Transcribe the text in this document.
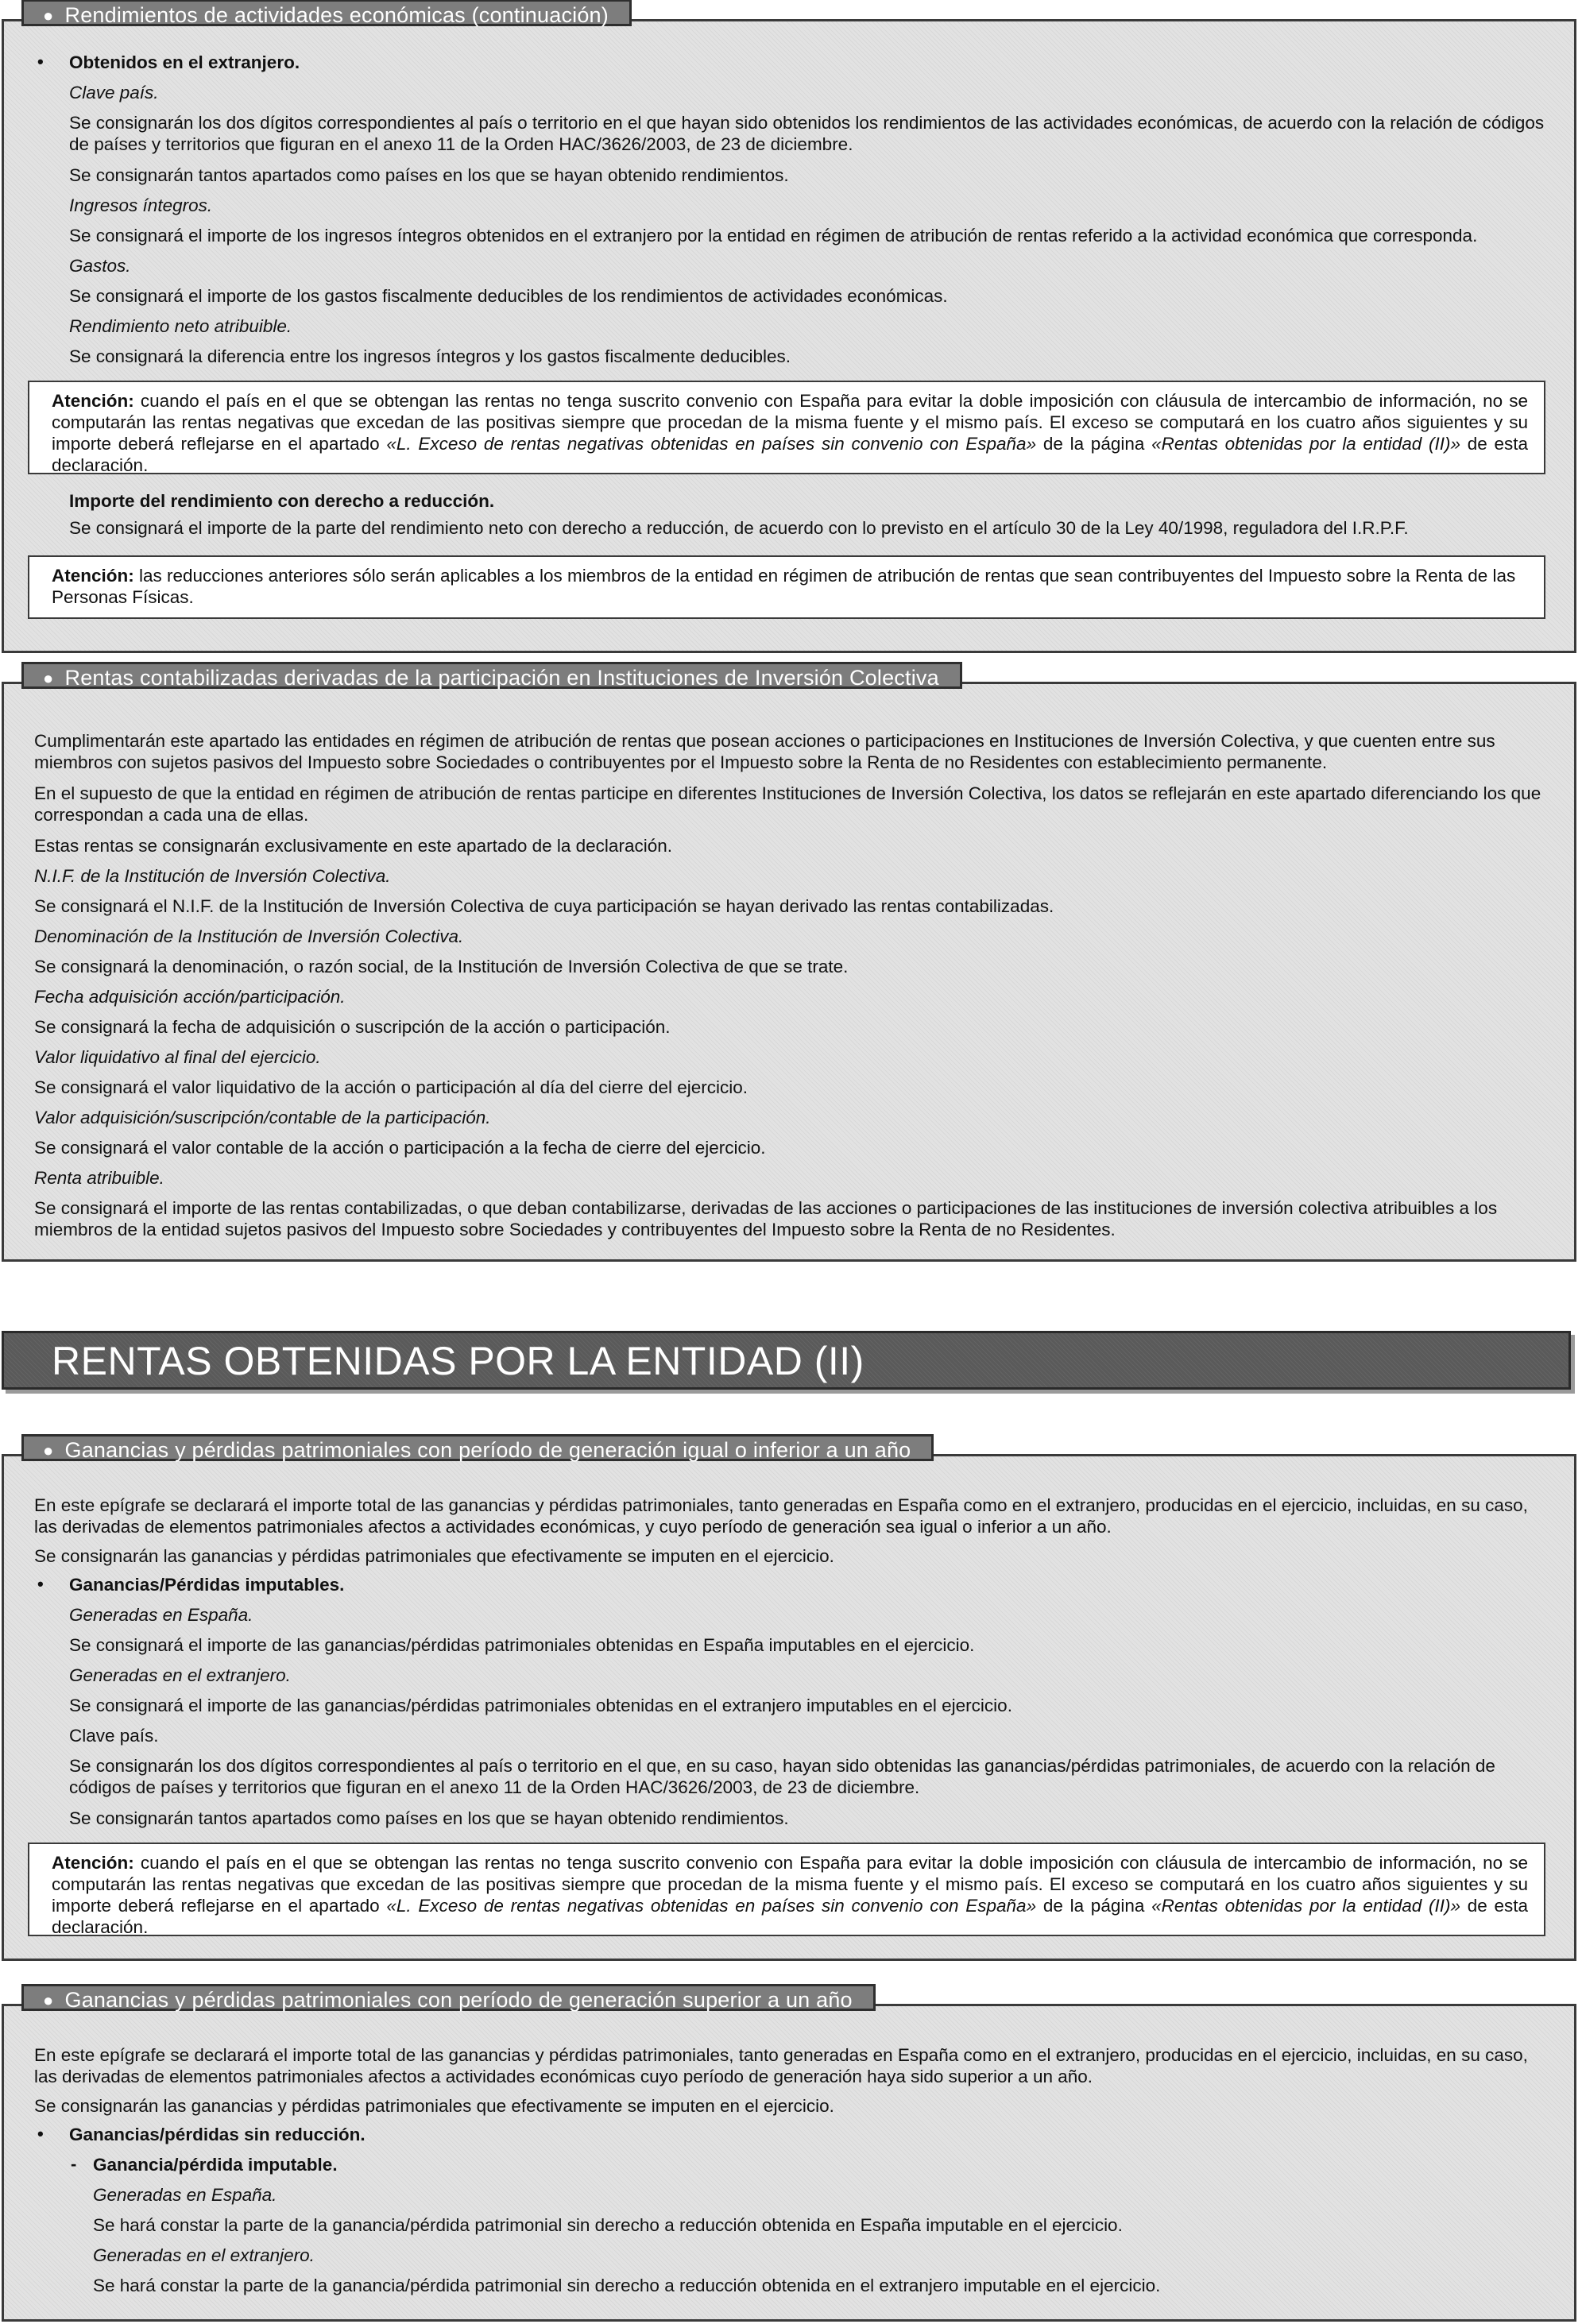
● Rendimientos de actividades económicas (continuación)
• Obtenidos en el extranjero.

Clave país.

Se consignarán los dos dígitos correspondientes al país o territorio en el que hayan sido obtenidos los rendimientos de las actividades económicas, de acuerdo con la relación de códigos de países y territorios que figuran en el anexo 11 de la Orden HAC/3626/2003, de 23 de diciembre.

Se consignarán tantos apartados como países en los que se hayan obtenido rendimientos.

Ingresos íntegros.

Se consignará el importe de los ingresos íntegros obtenidos en el extranjero por la entidad en régimen de atribución de rentas referido a la actividad económica que corresponda.

Gastos.

Se consignará el importe de los gastos fiscalmente deducibles de los rendimientos de actividades económicas.

Rendimiento neto atribuible.

Se consignará la diferencia entre los ingresos íntegros y los gastos fiscalmente deducibles.

Atención: cuando el país en el que se obtengan las rentas no tenga suscrito convenio con España para evitar la doble imposición con cláusula de intercambio de información, no se computarán las rentas negativas que excedan de las positivas siempre que procedan de la misma fuente y el mismo país. El exceso se computará en los cuatro años siguientes y su importe deberá reflejarse en el apartado «L. Exceso de rentas negativas obtenidas en países sin convenio con España» de la página «Rentas obtenidas por la entidad (II)» de esta declaración.

Importe del rendimiento con derecho a reducción.

Se consignará el importe de la parte del rendimiento neto con derecho a reducción, de acuerdo con lo previsto en el artículo 30 de la Ley 40/1998, reguladora del I.R.P.F.

Atención: las reducciones anteriores sólo serán aplicables a los miembros de la entidad en régimen de atribución de rentas que sean contribuyentes del Impuesto sobre la Renta de las Personas Físicas.
● Rentas contabilizadas derivadas de la participación en Instituciones de Inversión Colectiva

Cumplimentarán este apartado las entidades en régimen de atribución de rentas que posean acciones o participaciones en Instituciones de Inversión Colectiva, y que cuenten entre sus miembros con sujetos pasivos del Impuesto sobre Sociedades o contribuyentes por el Impuesto sobre la Renta de no Residentes con establecimiento permanente.

En el supuesto de que la entidad en régimen de atribución de rentas participe en diferentes Instituciones de Inversión Colectiva, los datos se reflejarán en este apartado diferenciando los que correspondan a cada una de ellas.

Estas rentas se consignarán exclusivamente en este apartado de la declaración.

N.I.F. de la Institución de Inversión Colectiva.

Se consignará el N.I.F. de la Institución de Inversión Colectiva de cuya participación se hayan derivado las rentas contabilizadas.

Denominación de la Institución de Inversión Colectiva.

Se consignará la denominación, o razón social, de la Institución de Inversión Colectiva de que se trate.

Fecha adquisición acción/participación.

Se consignará la fecha de adquisición o suscripción de la acción o participación.

Valor liquidativo al final del ejercicio.

Se consignará el valor liquidativo de la acción o participación al día del cierre del ejercicio.

Valor adquisición/suscripción/contable de la participación.

Se consignará el valor contable de la acción o participación a la fecha de cierre del ejercicio.

Renta atribuible.

Se consignará el importe de las rentas contabilizadas, o que deban contabilizarse, derivadas de las acciones o participaciones de las instituciones de inversión colectiva atribuibles a los miembros de la entidad sujetos pasivos del Impuesto sobre Sociedades y contribuyentes del Impuesto sobre la Renta de no Residentes.

RENTAS OBTENIDAS POR LA ENTIDAD (II)
● Ganancias y pérdidas patrimoniales con período de generación igual o inferior a un año

En este epígrafe se declarará el importe total de las ganancias y pérdidas patrimoniales, tanto generadas en España como en el extranjero, producidas en el ejercicio, incluidas, en su caso, las derivadas de elementos patrimoniales afectos a actividades económicas, y cuyo período de generación sea igual o inferior a un año.

Se consignarán las ganancias y pérdidas patrimoniales que efectivamente se imputen en el ejercicio.

• Ganancias/Pérdidas imputables.

Generadas en España.

Se consignará el importe de las ganancias/pérdidas patrimoniales obtenidas en España imputables en el ejercicio.

Generadas en el extranjero.

Se consignará el importe de las ganancias/pérdidas patrimoniales obtenidas en el extranjero imputables en el ejercicio.

Clave país.

Se consignarán los dos dígitos correspondientes al país o territorio en el que, en su caso, hayan sido obtenidas las ganancias/pérdidas patrimoniales, de acuerdo con la relación de códigos de países y territorios que figuran en el anexo 11 de la Orden HAC/3626/2003, de 23 de diciembre.

Se consignarán tantos apartados como países en los que se hayan obtenido rendimientos.

Atención: cuando el país en el que se obtengan las rentas no tenga suscrito convenio con España para evitar la doble imposición con cláusula de intercambio de información, no se computarán las rentas negativas que excedan de las positivas siempre que procedan de la misma fuente y el mismo país. El exceso se computará en los cuatro años siguientes y su importe deberá reflejarse en el apartado «L. Exceso de rentas negativas obtenidas en países sin convenio con España» de la página «Rentas obtenidas por la entidad (II)» de esta declaración.
● Ganancias y pérdidas patrimoniales con período de generación superior a un año

En este epígrafe se declarará el importe total de las ganancias y pérdidas patrimoniales, tanto generadas en España como en el extranjero, producidas en el ejercicio, incluidas, en su caso, las derivadas de elementos patrimoniales afectos a actividades económicas cuyo período de generación haya sido superior a un año.

Se consignarán las ganancias y pérdidas patrimoniales que efectivamente se imputen en el ejercicio.

• Ganancias/pérdidas sin reducción.

- Ganancia/pérdida imputable.

Generadas en España.

Se hará constar la parte de la ganancia/pérdida patrimonial sin derecho a reducción obtenida en España imputable en el ejercicio.

Generadas en el extranjero.

Se hará constar la parte de la ganancia/pérdida patrimonial sin derecho a reducción obtenida en el extranjero imputable en el ejercicio.
